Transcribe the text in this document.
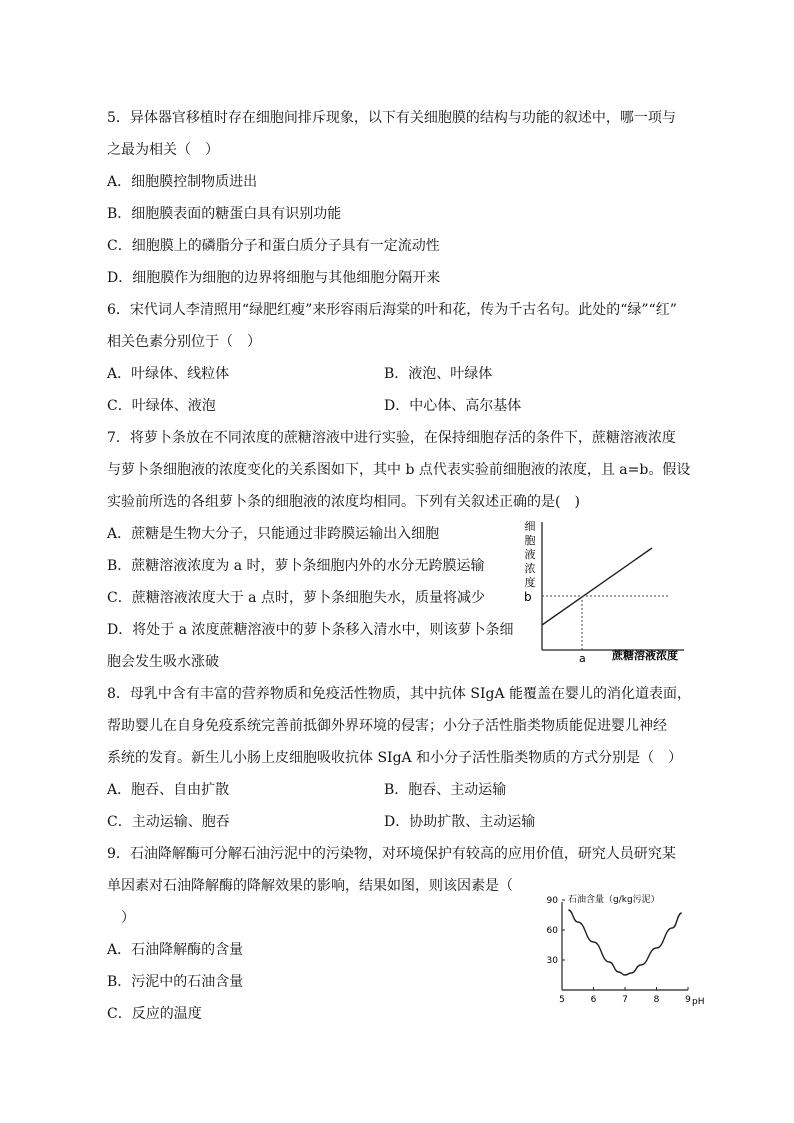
5．异体器官移植时存在细胞间排斥现象，以下有关细胞膜的结构与功能的叙述中，哪一项与
之最为相关（　）
A．细胞膜控制物质进出
B．细胞膜表面的糖蛋白具有识别功能
C．细胞膜上的磷脂分子和蛋白质分子具有一定流动性
D．细胞膜作为细胞的边界将细胞与其他细胞分隔开来
6．宋代词人李清照用“绿肥红瘦”来形容雨后海棠的叶和花，传为千古名句。此处的“绿”“红”
相关色素分别位于（　）
A．叶绿体、线粒体	B．液泡、叶绿体
C．叶绿体、液泡	D．中心体、高尔基体
7．将萝卜条放在不同浓度的蔗糖溶液中进行实验，在保持细胞存活的条件下，蔗糖溶液浓度
与萝卜条细胞液的浓度变化的关系图如下，其中 b 点代表实验前细胞液的浓度，且 a=b。假设
实验前所选的各组萝卜条的细胞液的浓度均相同。下列有关叙述正确的是(　)
A．蔗糖是生物大分子，只能通过非跨膜运输出入细胞
B．蔗糖溶液浓度为 a 时，萝卜条细胞内外的水分无跨膜运输
C．蔗糖溶液浓度大于 a 点时，萝卜条细胞失水，质量将减少
D．将处于 a 浓度蔗糖溶液中的萝卜条移入清水中，则该萝卜条细
胞会发生吸水涨破
细
胞
液
浓
度
b
a 蔗糖溶液浓度
8．母乳中含有丰富的营养物质和免疫活性物质，其中抗体 SIgA 能覆盖在婴儿的消化道表面，
帮助婴儿在自身免疫系统完善前抵御外界环境的侵害；小分子活性脂类物质能促进婴儿神经
系统的发育。新生儿小肠上皮细胞吸收抗体 SIgA 和小分子活性脂类物质的方式分别是（　）
A．胞吞、自由扩散	B．胞吞、主动运输
C．主动运输、胞吞	D．协助扩散、主动运输
9．石油降解酶可分解石油污泥中的污染物，对环境保护有较高的应用价值，研究人员研究某
单因素对石油降解酶的降解效果的影响，结果如图，则该因素是（
）
A．石油降解酶的含量
B．污泥中的石油含量
C．反应的温度
石油含量（g/kg污泥）
5	6	7	8	9
30
60
90
pH
